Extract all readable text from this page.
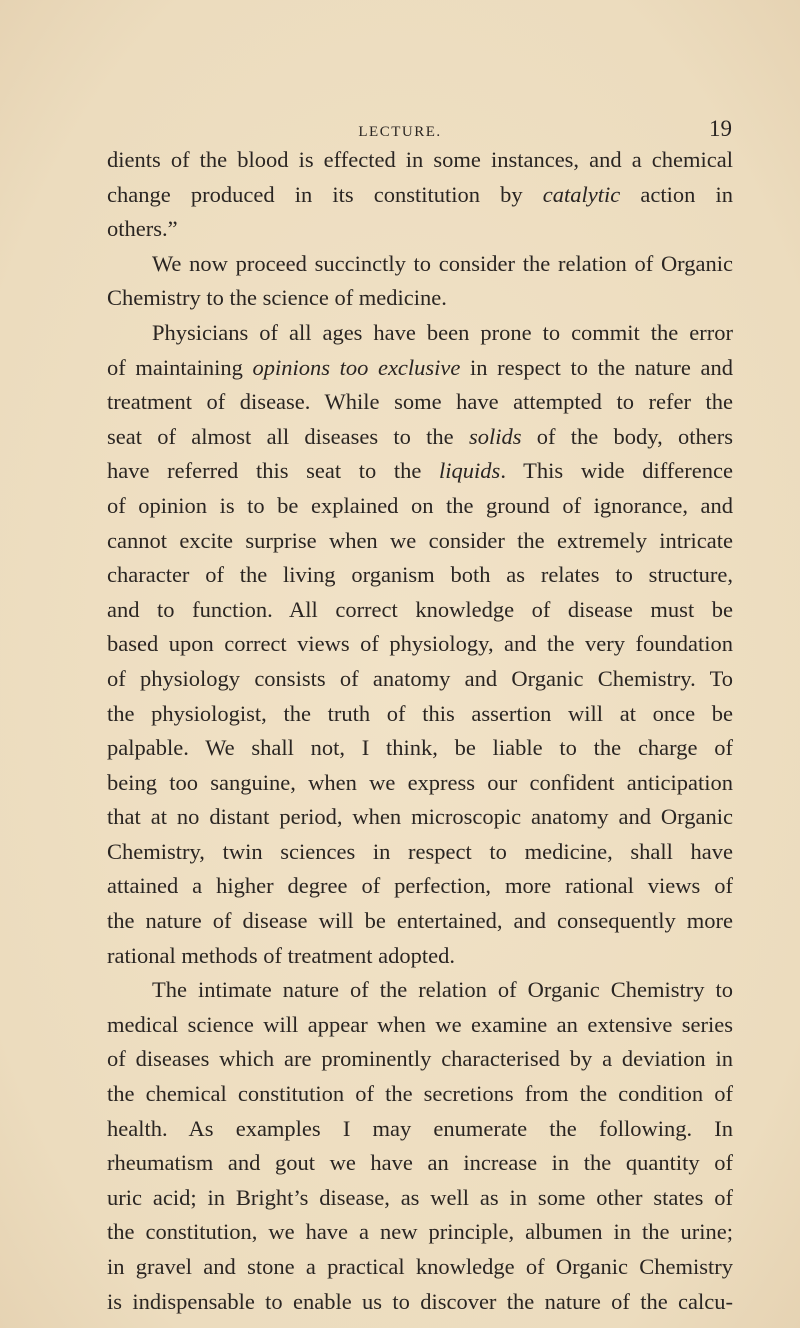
LECTURE.	19
dients of the blood is effected in some instances, and a chemical
change produced in its constitution by catalytic action in
others.”
We now proceed succinctly to consider the relation of Organic
Chemistry to the science of medicine.
Physicians of all ages have been prone to commit the error
of maintaining opinions too exclusive in respect to the nature and
treatment of disease. While some have attempted to refer the
seat of almost all diseases to the solids of the body, others
have referred this seat to the liquids. This wide difference
of opinion is to be explained on the ground of ignorance, and
cannot excite surprise when we consider the extremely intricate
character of the living organism both as relates to structure,
and to function. All correct knowledge of disease must be
based upon correct views of physiology, and the very foundation
of physiology consists of anatomy and Organic Chemistry. To
the physiologist, the truth of this assertion will at once be
palpable. We shall not, I think, be liable to the charge of
being too sanguine, when we express our confident anticipation
that at no distant period, when microscopic anatomy and Organic
Chemistry, twin sciences in respect to medicine, shall have
attained a higher degree of perfection, more rational views of
the nature of disease will be entertained, and consequently more
rational methods of treatment adopted.
The intimate nature of the relation of Organic Chemistry to
medical science will appear when we examine an extensive series
of diseases which are prominently characterised by a deviation in
the chemical constitution of the secretions from the condition of
health. As examples I may enumerate the following. In
rheumatism and gout we have an increase in the quantity of
uric acid; in Bright’s disease, as well as in some other states of
the constitution, we have a new principle, albumen in the urine;
in gravel and stone a practical knowledge of Organic Chemistry
is indispensable to enable us to discover the nature of the calcu-
